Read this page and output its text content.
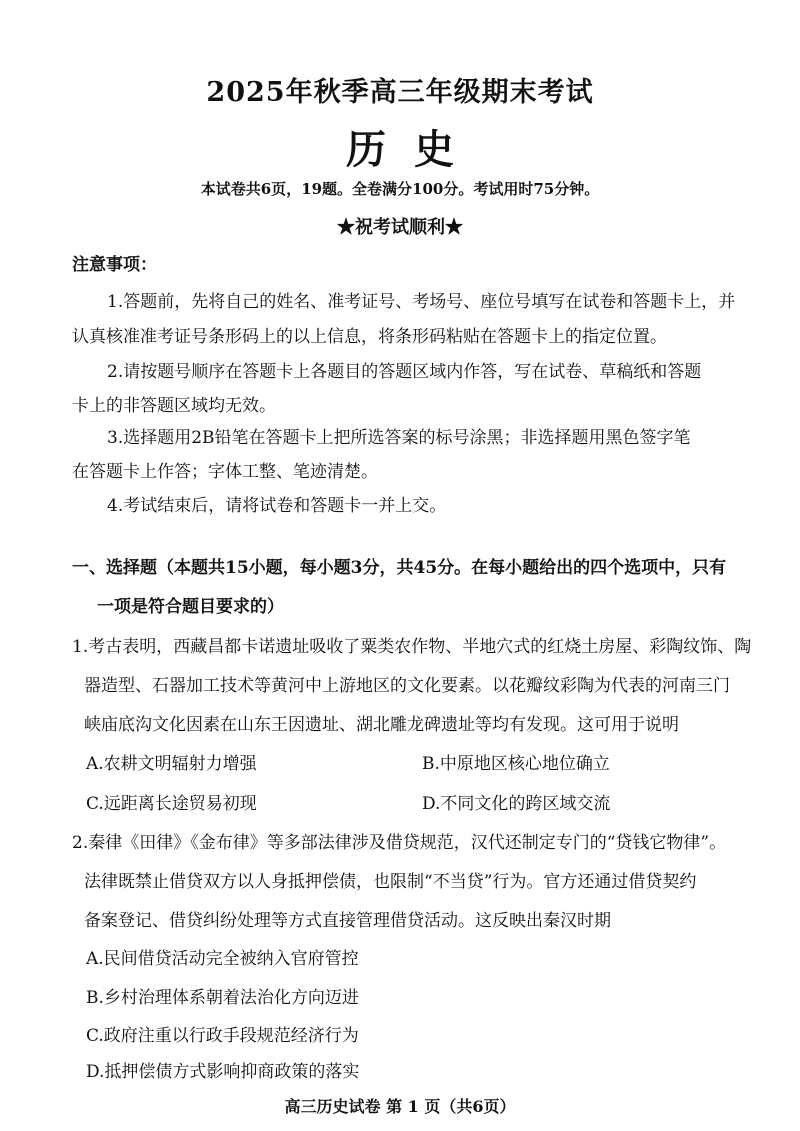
2025年秋季高三年级期末考试
历史
本试卷共6页，19题。全卷满分100分。考试用时75分钟。
★祝考试顺利★
注意事项：
1.答题前，先将自己的姓名、准考证号、考场号、座位号填写在试卷和答题卡上，并
认真核准准考证号条形码上的以上信息，将条形码粘贴在答题卡上的指定位置。
2.请按题号顺序在答题卡上各题目的答题区域内作答，写在试卷、草稿纸和答题
卡上的非答题区域均无效。
3.选择题用2B铅笔在答题卡上把所选答案的标号涂黑；非选择题用黑色签字笔
在答题卡上作答；字体工整、笔迹清楚。
4.考试结束后，请将试卷和答题卡一并上交。
一、选择题（本题共15小题，每小题3分，共45分。在每小题给出的四个选项中，只有
一项是符合题目要求的）
1.考古表明，西藏昌都卡诺遗址吸收了粟类农作物、半地穴式的红烧土房屋、彩陶纹饰、陶
器造型、石器加工技术等黄河中上游地区的文化要素。以花瓣纹彩陶为代表的河南三门
峡庙底沟文化因素在山东王因遗址、湖北雕龙碑遗址等均有发现。这可用于说明
A.农耕文明辐射力增强	B.中原地区核心地位确立
C.远距离长途贸易初现	D.不同文化的跨区域交流
2.秦律《田律》《金布律》等多部法律涉及借贷规范，汉代还制定专门的“贷钱它物律”。
法律既禁止借贷双方以人身抵押偿债，也限制“不当贷”行为。官方还通过借贷契约
备案登记、借贷纠纷处理等方式直接管理借贷活动。这反映出秦汉时期
A.民间借贷活动完全被纳入官府管控
B.乡村治理体系朝着法治化方向迈进
C.政府注重以行政手段规范经济行为
D.抵押偿债方式影响抑商政策的落实
高三历史试卷 第 1 页（共6页）
